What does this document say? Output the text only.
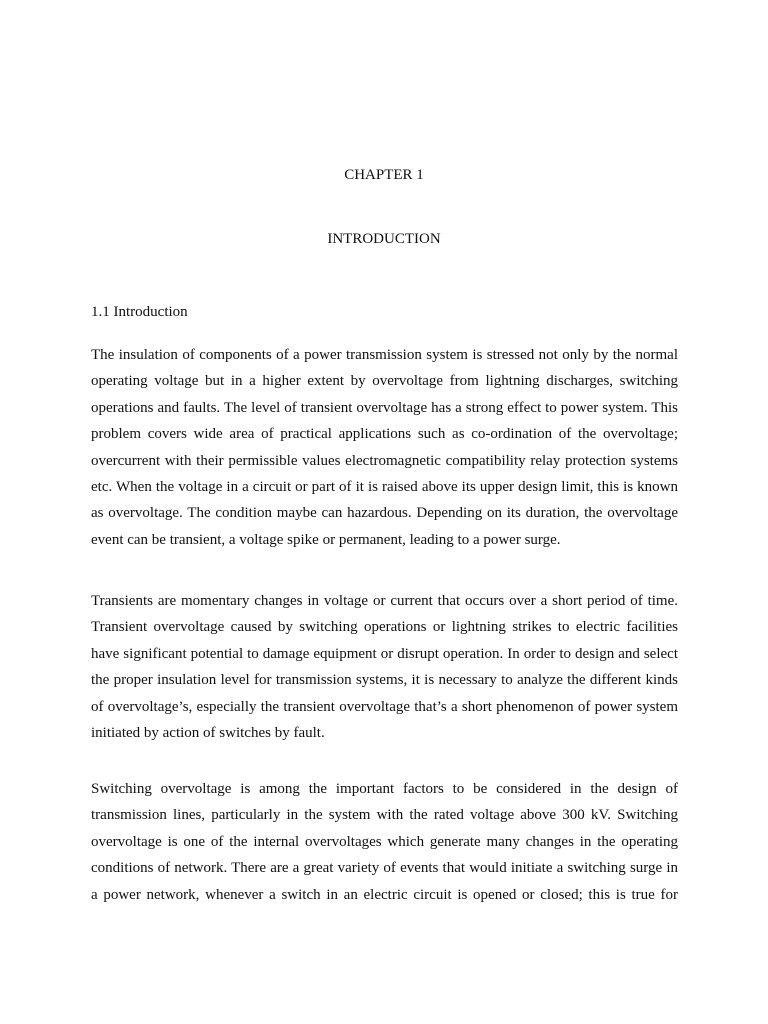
CHAPTER 1
INTRODUCTION
1.1 Introduction

The insulation of components of a power transmission system is stressed not only by the normal operating voltage but in a higher extent by overvoltage from lightning discharges, switching operations and faults. The level of transient overvoltage has a strong effect to power system. This problem covers wide area of practical applications such as co-ordination of the overvoltage; overcurrent with their permissible values electromagnetic compatibility relay protection systems etc. When the voltage in a circuit or part of it is raised above its upper design limit, this is known as overvoltage. The condition maybe can hazardous. Depending on its duration, the overvoltage event can be transient, a voltage spike or permanent, leading to a power surge.

Transients are momentary changes in voltage or current that occurs over a short period of time. Transient overvoltage caused by switching operations or lightning strikes to electric facilities have significant potential to damage equipment or disrupt operation. In order to design and select the proper insulation level for transmission systems, it is necessary to analyze the different kinds of overvoltage’s, especially the transient overvoltage that’s a short phenomenon of power system initiated by action of switches by fault.

Switching overvoltage is among the important factors to be considered in the design of transmission lines, particularly in the system with the rated voltage above 300 kV. Switching overvoltage is one of the internal overvoltages which generate many changes in the operating conditions of network. There are a great variety of events that would initiate a switching surge in a power network, whenever a switch in an electric circuit is opened or closed; this is true for
